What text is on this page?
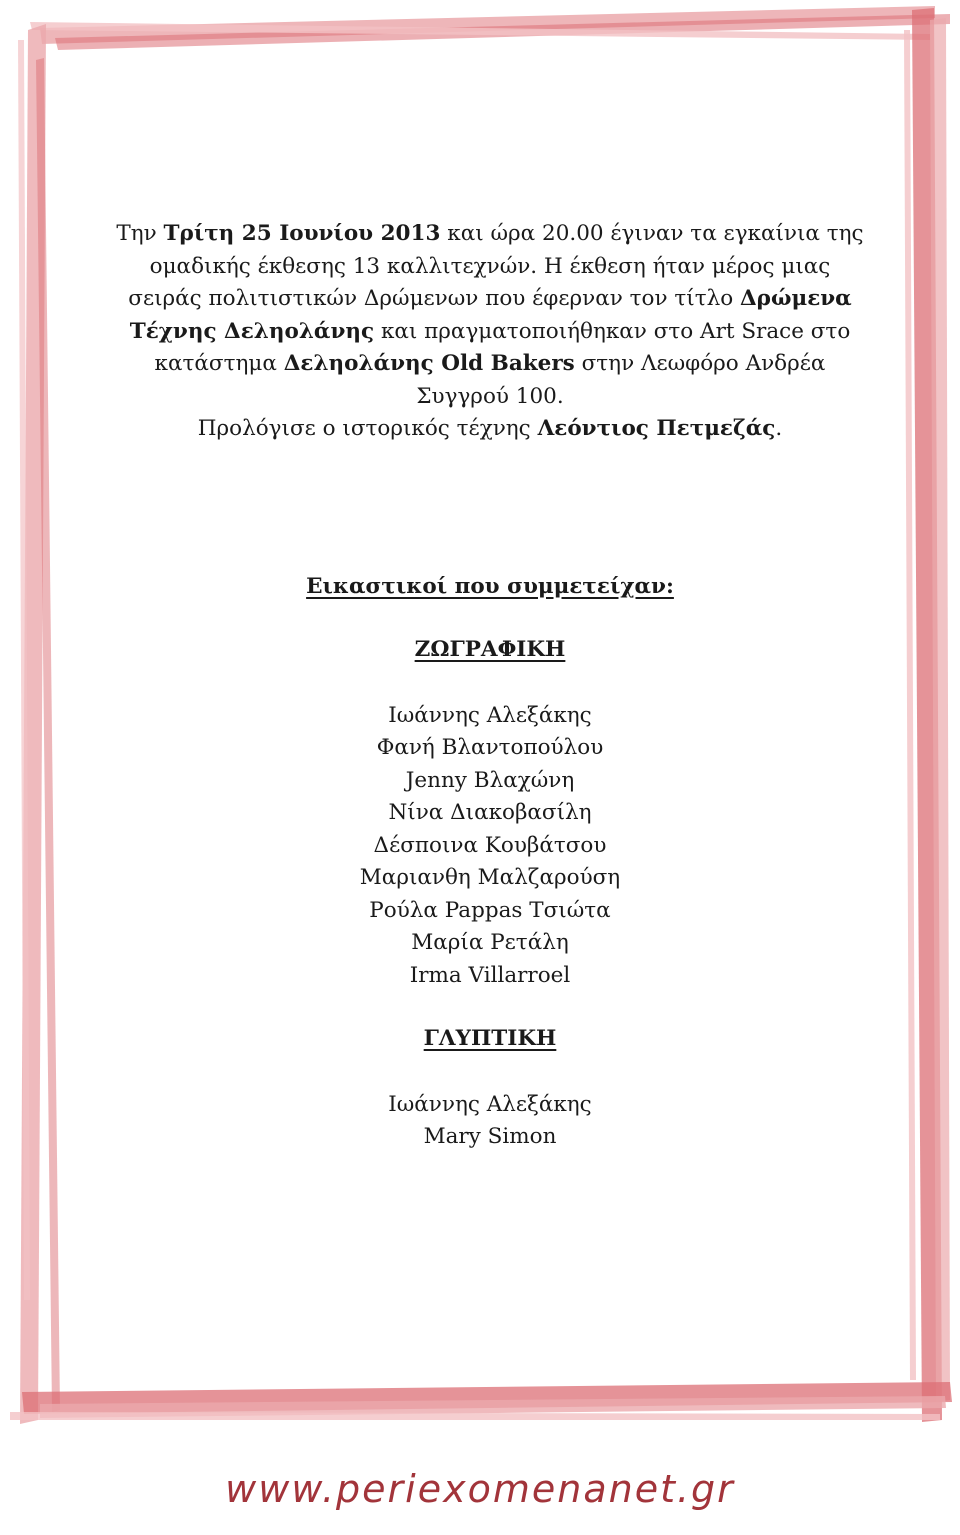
Την Τρίτη 25 Ιουνίου 2013 και ώρα 20.00 έγιναν τα εγκαίνια της ομαδικής έκθεσης 13 καλλιτεχνών. Η έκθεση ήταν μέρος μιας σειράς πολιτιστικών Δρώμενων που έφερναν τον τίτλο Δρώμενα Τέχνης Δεληολάνης και πραγματοποιήθηκαν στο Art Srace στο κατάστημα Δεληολάνης Old Bakers στην Λεωφόρο Ανδρέα Συγγρού 100.

Προλόγισε ο ιστορικός τέχνης Λεόντιος Πετμεζάς.

Εικαστικοί που συμμετείχαν:

ΖΩΓΡΑΦΙΚΗ

Ιωάννης Αλεξάκης
Φανή Βλαντοπούλου
Jenny Βλαχώνη
Νίνα Διακοβασίλη
Δέσποινα Κουβάτσου
Μαριανθη Μαλζαρούση
Ρούλα Pappas Τσιώτα
Μαρία Ρετάλη
Irma Villarroel

ΓΛΥΠΤΙΚΗ

Ιωάννης Αλεξάκης
Mary Simon
www.periexomenanet.gr
